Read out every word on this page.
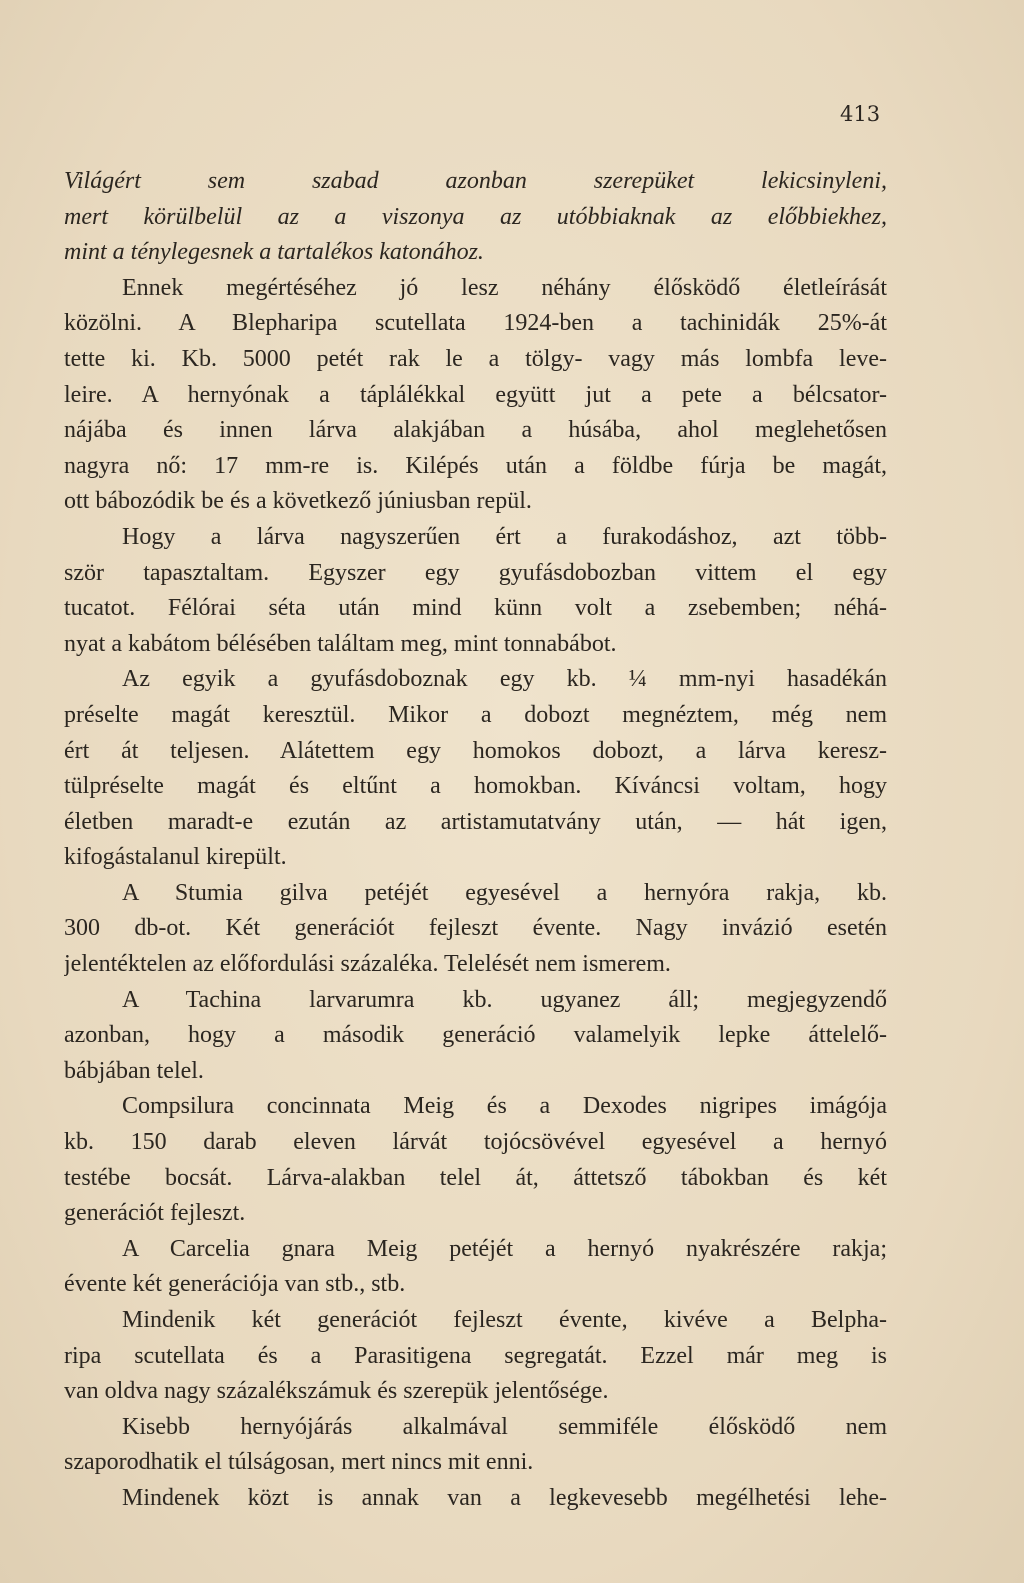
413
Világért sem szabad azonban szerepüket lekicsinyleni,
mert körülbelül az a viszonya az utóbbiaknak az előbbiekhez,
mint a ténylegesnek a tartalékos katonához.
Ennek megértéséhez jó lesz néhány élősködő életleírását
közölni. A Blepharipa scutellata 1924-ben a tachinidák 25%-át
tette ki. Kb. 5000 petét rak le a tölgy- vagy más lombfa leve-
leire. A hernyónak a táplálékkal együtt jut a pete a bélcsator-
nájába és innen lárva alakjában a húsába, ahol meglehetősen
nagyra nő: 17 mm-re is. Kilépés után a földbe fúrja be magát,
ott bábozódik be és a következő júniusban repül.
Hogy a lárva nagyszerűen ért a furakodáshoz, azt több-
ször tapasztaltam. Egyszer egy gyufásdobozban vittem el egy
tucatot. Félórai séta után mind künn volt a zsebemben; néhá-
nyat a kabátom bélésében találtam meg, mint tonnabábot.
Az egyik a gyufásdoboznak egy kb. ¼ mm-nyi hasadékán
préselte magát keresztül. Mikor a dobozt megnéztem, még nem
ért át teljesen. Alátettem egy homokos dobozt, a lárva keresz-
tülpréselte magát és eltűnt a homokban. Kíváncsi voltam, hogy
életben maradt-e ezután az artistamutatvány után, — hát igen,
kifogástalanul kirepült.
A Stumia gilva petéjét egyesével a hernyóra rakja, kb.
300 db-ot. Két generációt fejleszt évente. Nagy invázió esetén
jelentéktelen az előfordulási százaléka. Telelését nem ismerem.
A Tachina larvarumra kb. ugyanez áll; megjegyzendő
azonban, hogy a második generáció valamelyik lepke áttelelő-
bábjában telel.
Compsilura concinnata Meig és a Dexodes nigripes imágója
kb. 150 darab eleven lárvát tojócsövével egyesével a hernyó
testébe bocsát. Lárva-alakban telel át, áttetsző tábokban és két
generációt fejleszt.
A Carcelia gnara Meig petéjét a hernyó nyakrészére rakja;
évente két generációja van stb., stb.
Mindenik két generációt fejleszt évente, kivéve a Belpha-
ripa scutellata és a Parasitigena segregatát. Ezzel már meg is
van oldva nagy százalékszámuk és szerepük jelentősége.
Kisebb hernyójárás alkalmával semmiféle élősködő nem
szaporodhatik el túlságosan, mert nincs mit enni.
Mindenek közt is annak van a legkevesebb megélhetési lehe-
